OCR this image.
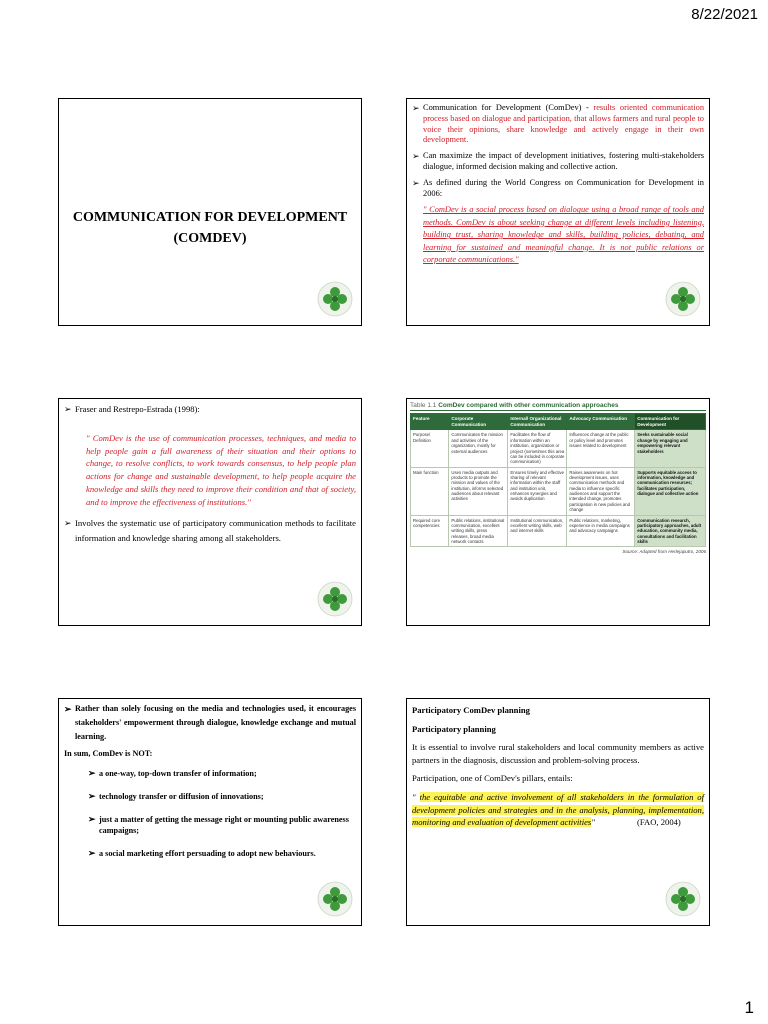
8/22/2021
COMMUNICATION FOR DEVELOPMENT
(COMDEV)
➢ Communication for Development (ComDev) - results oriented communication process based on dialogue and participation, that allows farmers and rural people to voice their opinions, share knowledge and actively engage in their own development.
➢ Can maximize the impact of development initiatives, fostering multi-stakeholders dialogue, informed decision making and collective action.
➢ As defined during the World Congress on Communication for Development in 2006:
" ComDev is a social process based on dialogue using a broad range of tools and methods. ComDev is about seeking change at different levels including listening, building trust, sharing knowledge and skills, building policies, debating, and learning for sustained and meaningful change. It is not public relations or corporate communications."
➢ Fraser and Restrepo-Estrada (1998):
" ComDev is the use of communication processes, techniques, and media to help people gain a full awareness of their situation and their options to change, to resolve conflicts, to work towards consensus, to help people plan actions for change and sustainable development, to help people acquire the knowledge and skills they need to improve their condition and that of society, and to improve the effectiveness of institutions."
➢ Involves the systematic use of participatory communication methods to facilitate information and knowledge sharing among all stakeholders.
Table 1.1 ComDev compared with other communication approaches
Feature	Corporate Communication	Internal/ Organizational Communication	Advocacy Communication	Communication for Development
Purpose/ Definition	Communicates the mission and activities of the organization, mostly for external audiences	Facilitates the flow of information within an institution, organization or project (sometimes this area can be included in corporate communication)	Influences change at the public or policy level and promotes issues related to development	Seeks sustainable social change by engaging and empowering relevant stakeholders
Main function	Uses media outputs and products to promote the mission and values of the institution, informs selected audiences about relevant activities	Ensures timely and effective sharing of relevant information within the staff and institution unit, enhances synergies and avoids duplication	Raises awareness on hot development issues, uses communication methods and media to influence specific audiences and support the intended change, promotes participation in new policies and change	Supports equitable access to information, knowledge and communication resources; facilitates participation, dialogue and collective action
Required core competencies	Public relations, institutional communication, excellent writing skills, press releases, broad media network contacts	Institutional communication, excellent writing skills, web and internet skills	Public relations, marketing, experience in media campaigns and advocacy campaigns	Communication research, participatory approaches, adult education, community media, consultations and facilitation skills
Source: Adapted from Herlejaputro, 2006
➢ Rather than solely focusing on the media and technologies used, it encourages stakeholders' empowerment through dialogue, knowledge exchange and mutual learning.
In sum, ComDev is NOT:
➢ a one-way, top-down transfer of information;
➢ technology transfer or diffusion of innovations;
➢ just a matter of getting the message right or mounting public awareness campaigns;
➢ a social marketing effort persuading to adopt new behaviours.
Participatory ComDev planning
Participatory planning
It is essential to involve rural stakeholders and local community members as active partners in the diagnosis, discussion and problem-solving process.
Participation, one of ComDev's pillars, entails:
" the equitable and active involvement of all stakeholders in the formulation of development policies and strategies and in the analysis, planning, implementation, monitoring and evaluation of development activities"	(FAO, 2004)
1
